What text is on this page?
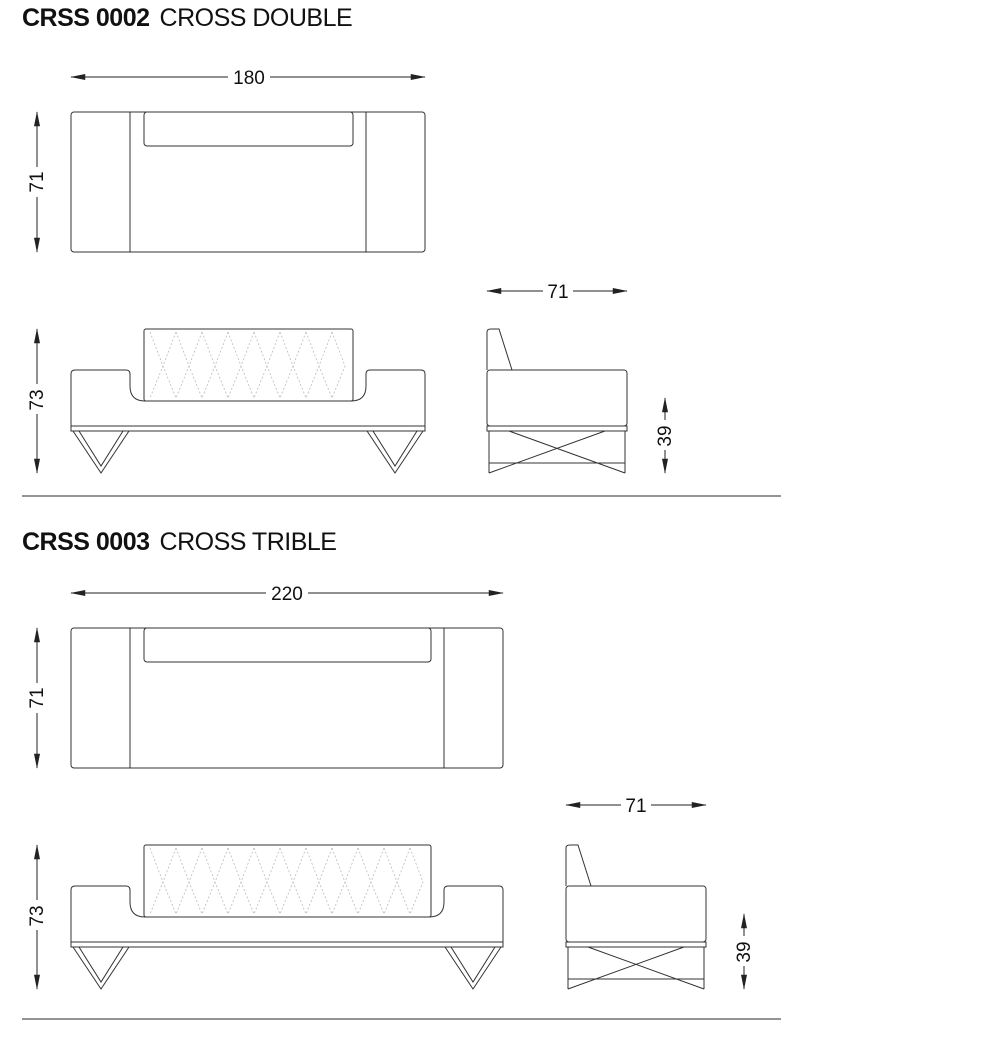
CRSS 0002 CROSS DOUBLE
CRSS 0003 CROSS TRIBLE
180
71
71
73
39
220
71
71
73
39
